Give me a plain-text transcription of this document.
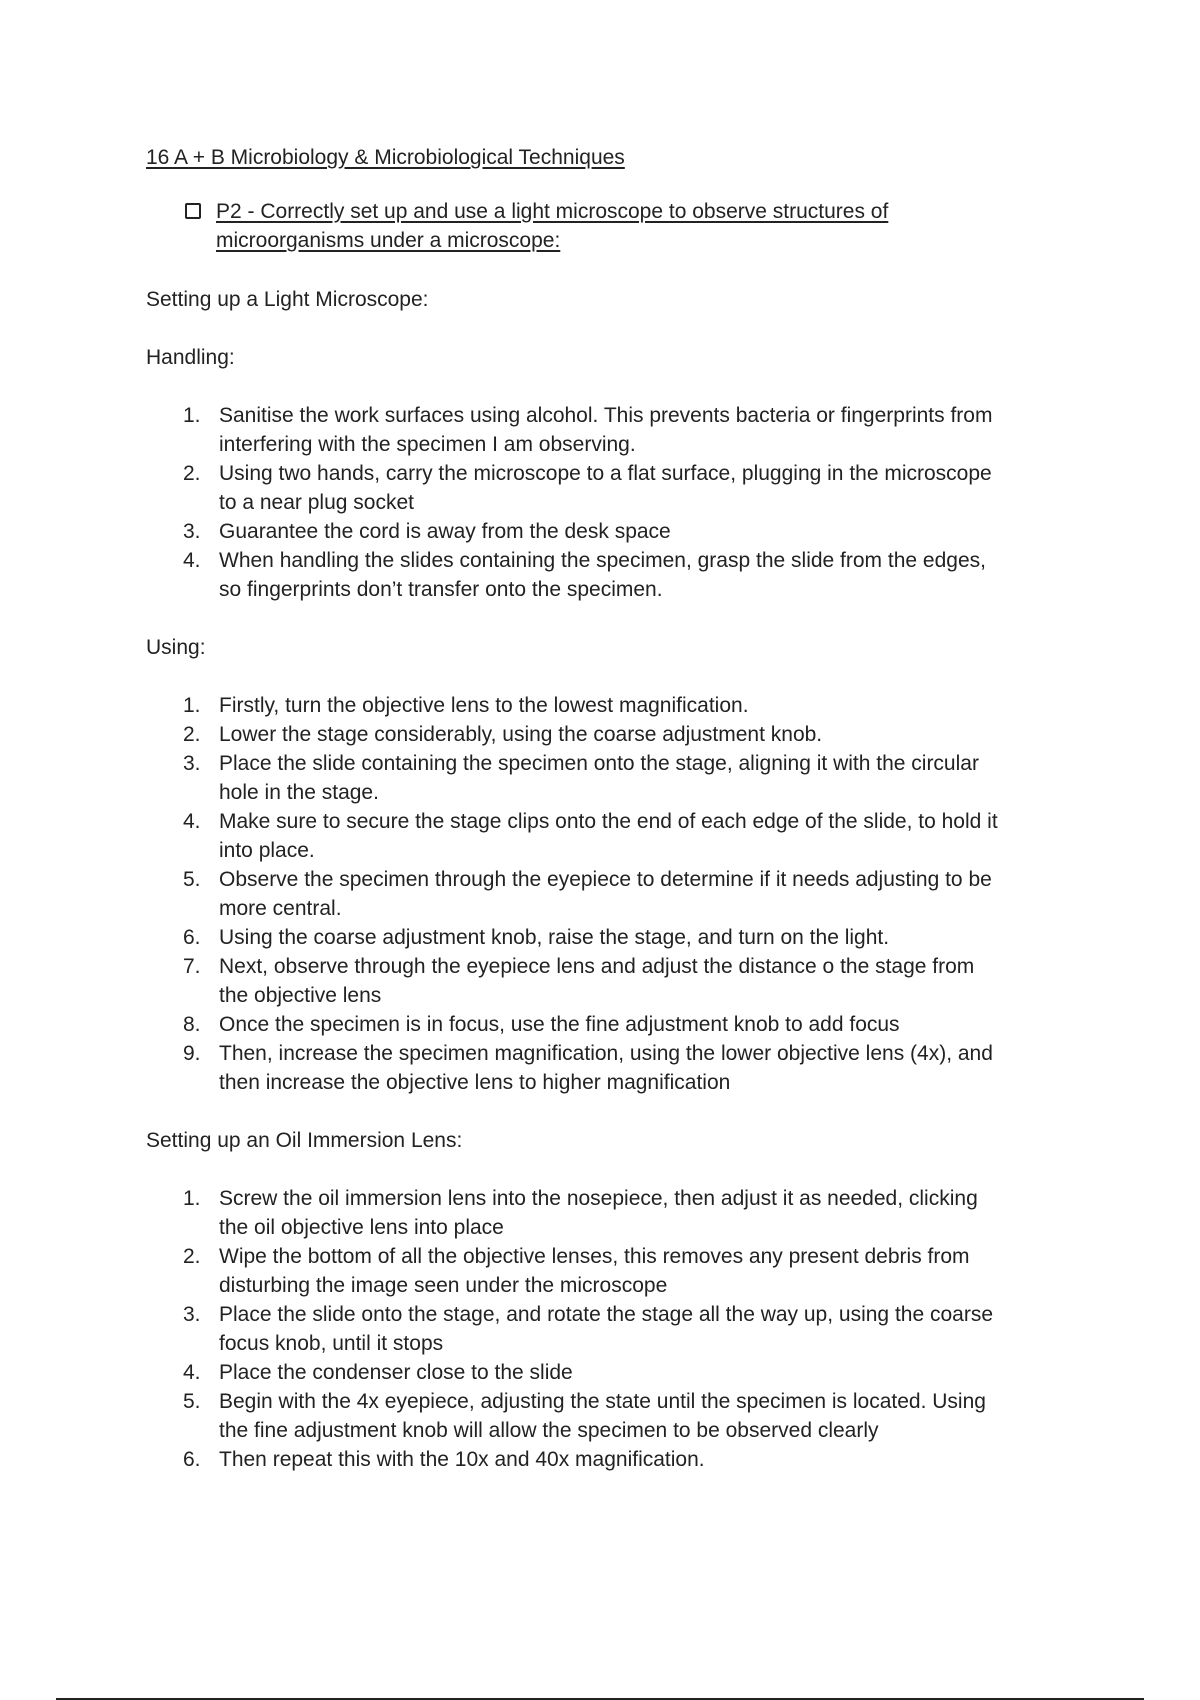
16 A + B Microbiology & Microbiological Techniques
P2 - Correctly set up and use a light microscope to observe structures of microorganisms under a microscope:
Setting up a Light Microscope:
Handling:
1. Sanitise the work surfaces using alcohol. This prevents bacteria or fingerprints from interfering with the specimen I am observing.
2. Using two hands, carry the microscope to a flat surface, plugging in the microscope to a near plug socket
3. Guarantee the cord is away from the desk space
4. When handling the slides containing the specimen, grasp the slide from the edges, so fingerprints don’t transfer onto the specimen.
Using:
1. Firstly, turn the objective lens to the lowest magnification.
2. Lower the stage considerably, using the coarse adjustment knob.
3. Place the slide containing the specimen onto the stage, aligning it with the circular hole in the stage.
4. Make sure to secure the stage clips onto the end of each edge of the slide, to hold it into place.
5. Observe the specimen through the eyepiece to determine if it needs adjusting to be more central.
6. Using the coarse adjustment knob, raise the stage, and turn on the light.
7. Next, observe through the eyepiece lens and adjust the distance o the stage from the objective lens
8. Once the specimen is in focus, use the fine adjustment knob to add focus
9. Then, increase the specimen magnification, using the lower objective lens (4x), and then increase the objective lens to higher magnification
Setting up an Oil Immersion Lens:
1. Screw the oil immersion lens into the nosepiece, then adjust it as needed, clicking the oil objective lens into place
2. Wipe the bottom of all the objective lenses, this removes any present debris from disturbing the image seen under the microscope
3. Place the slide onto the stage, and rotate the stage all the way up, using the coarse focus knob, until it stops
4. Place the condenser close to the slide
5. Begin with the 4x eyepiece, adjusting the state until the specimen is located. Using the fine adjustment knob will allow the specimen to be observed clearly
6. Then repeat this with the 10x and 40x magnification.
